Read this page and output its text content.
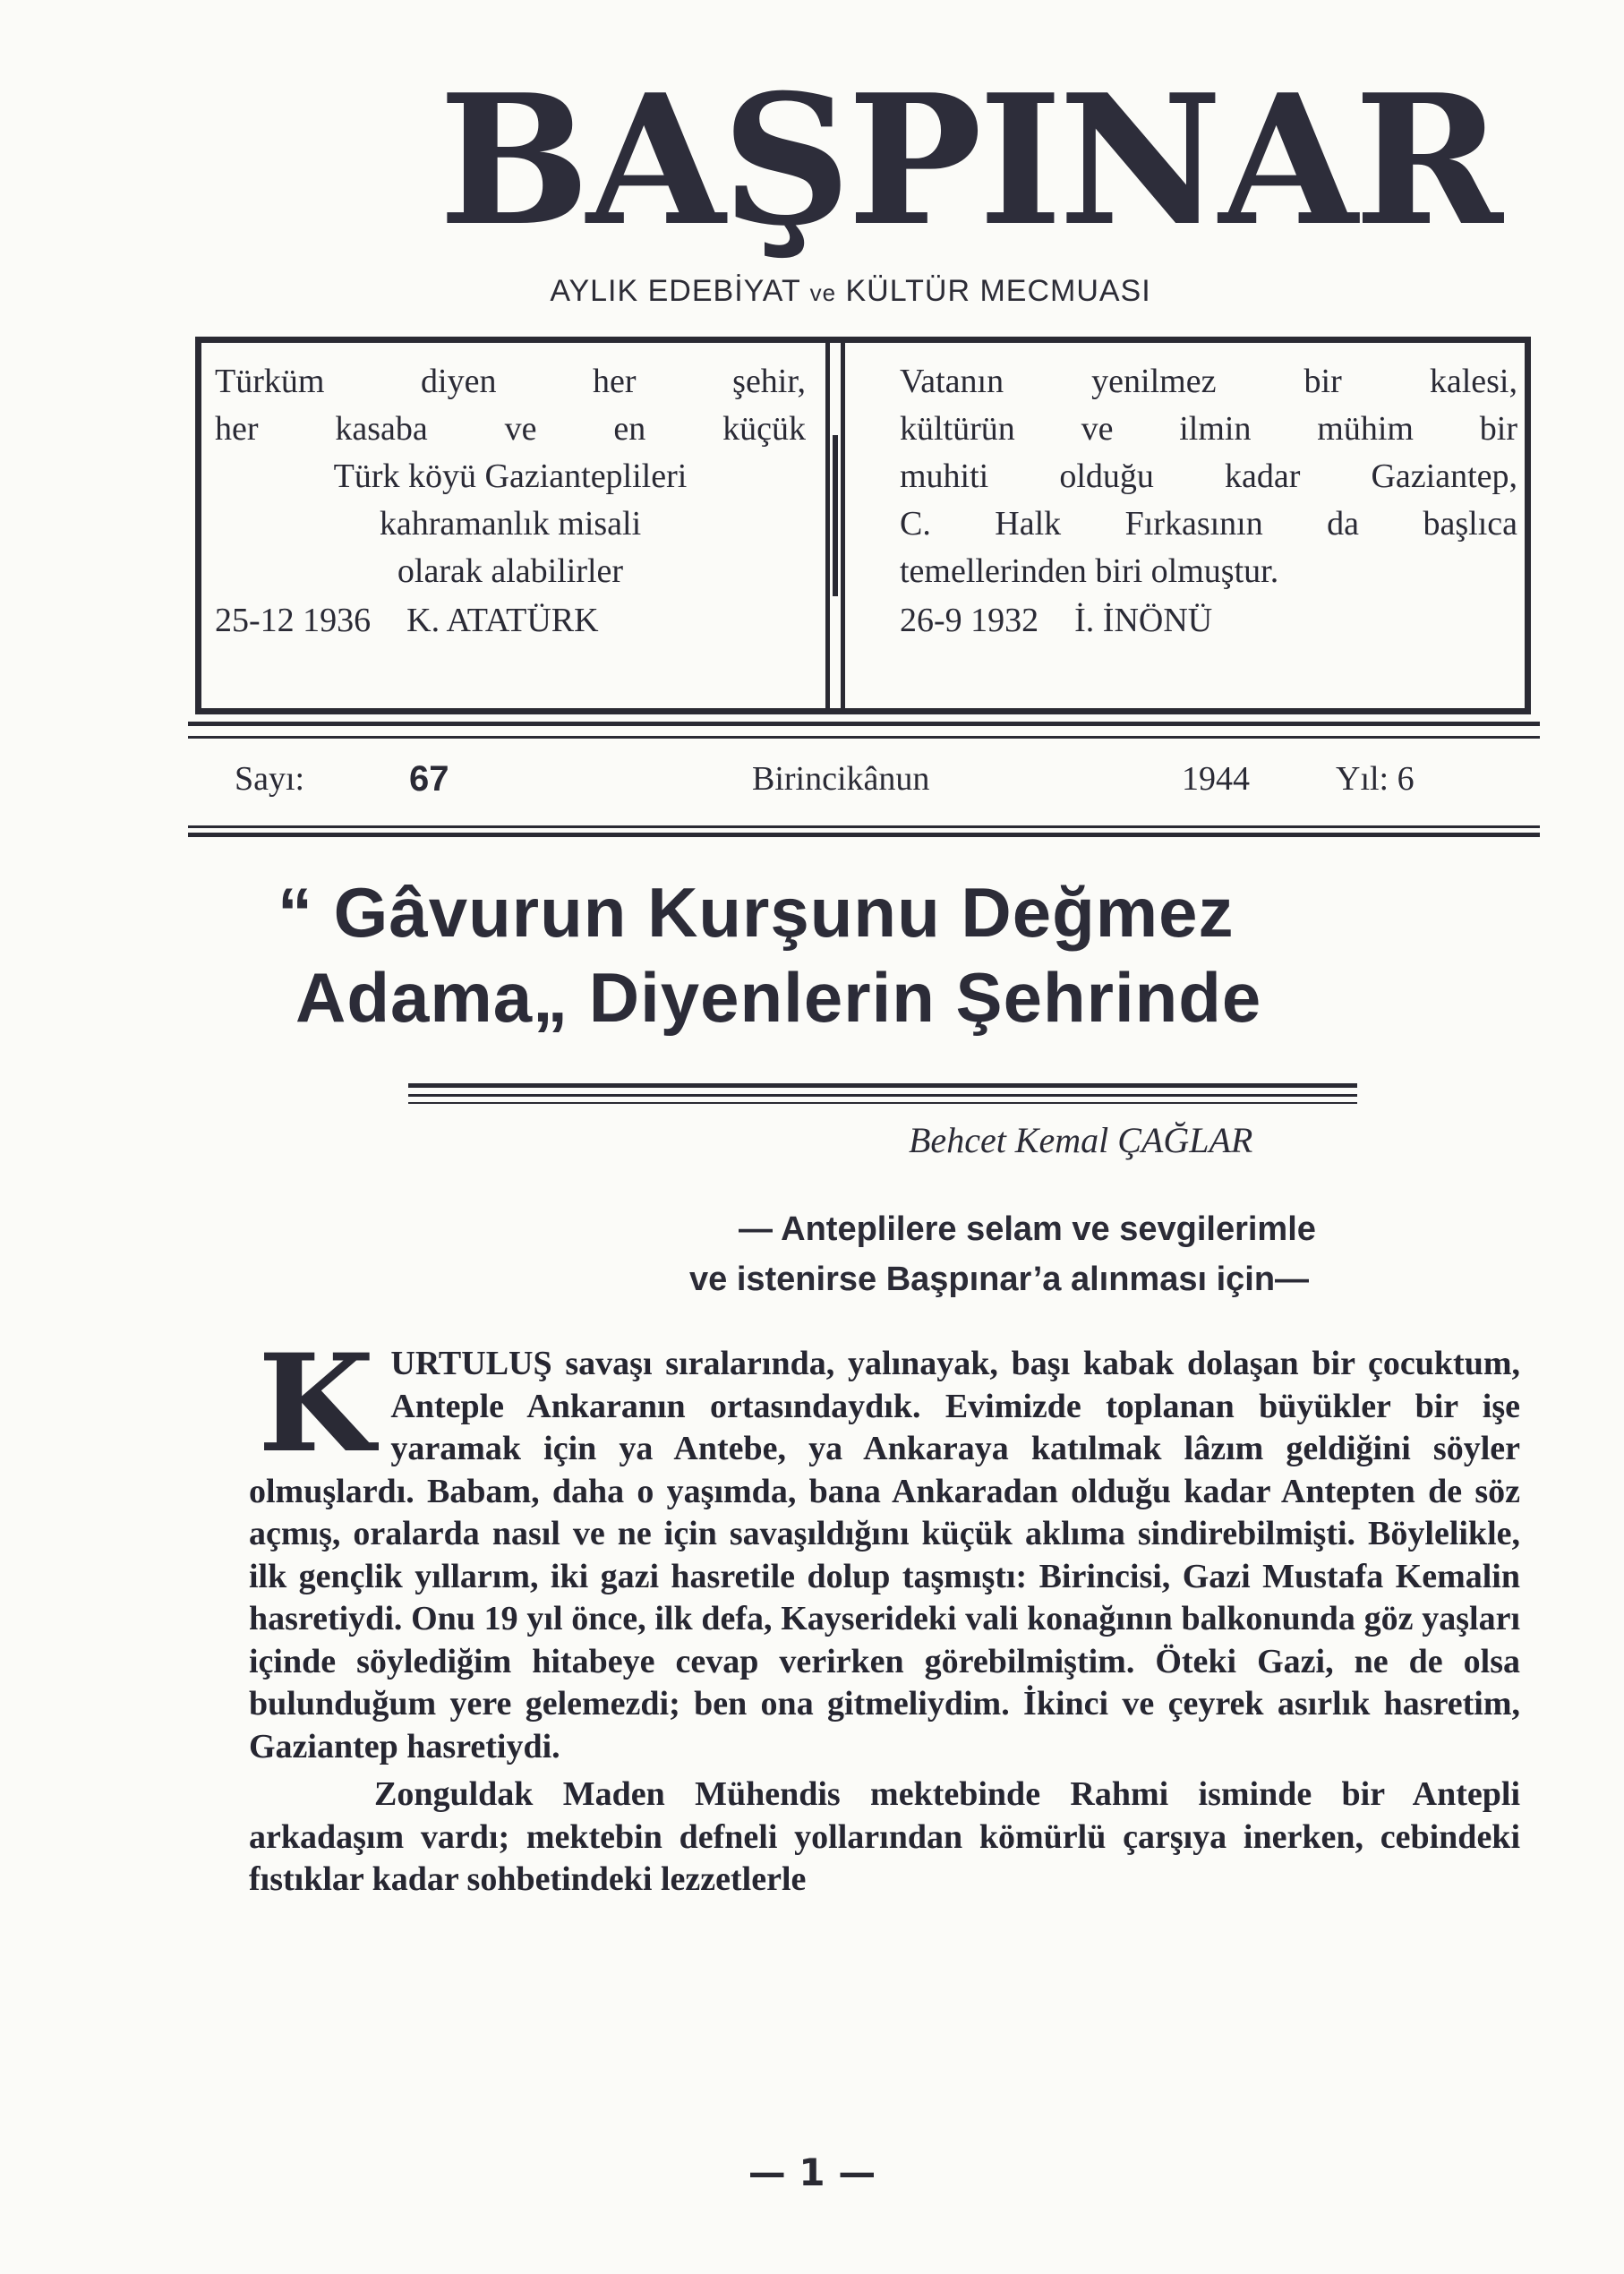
BAŞPINAR
AYLIK EDEBİYAT ve KÜLTÜR MECMUASI
Türküm diyen her şehir,
her kasaba ve en küçük
Türk köyü Gazianteplileri
kahramanlık misali
olarak alabilirler
25-12 1936 K. ATATÜRK
Vatanın yenilmez bir kalesi,
kültürün ve ilmin mühim bir
muhiti olduğu kadar Gaziantep,
C. Halk Fırkasının da başlıca
temellerinden biri olmuştur.
26-9 1932 İ. İNÖNÜ
Sayı:	67	Birincikânun	1944	Yıl: 6
“ Gâvurun Kurşunu Değmez
Adama„ Diyenlerin Şehrinde
Behcet Kemal ÇAĞLAR
— Anteplilere selam ve sevgilerimle
ve istenirse Başpınar’a alınması için—

KURTULUŞ savaşı sıralarında, yalınayak, başı kabak dolaşan bir çocuktum, Anteple Ankaranın ortasındaydık. Evimizde toplanan büyükler bir işe yaramak için ya Antebe, ya Ankaraya katılmak lâzım geldiğini söyler olmuşlardı. Babam, daha o yaşımda, bana Ankaradan olduğu kadar Antepten de söz açmış, oralarda nasıl ve ne için savaşıldığını küçük aklıma sindirebilmişti. Böylelikle, ilk gençlik yıllarım, iki gazi hasretile dolup taşmıştı: Birincisi, Gazi Mustafa Kemalin hasretiydi. Onu 19 yıl önce, ilk defa, Kayserideki vali konağının balkonunda göz yaşları içinde söylediğim hitabeye cevap verirken görebilmiştim. Öteki Gazi, ne de olsa bulunduğum yere gelemezdi; ben ona gitmeliydim. İkinci ve çeyrek asırlık hasretim, Gaziantep hasretiydi.

Zonguldak Maden Mühendis mektebinde Rahmi isminde bir Antepli arkadaşım vardı; mektebin defneli yollarından kömürlü çarşıya inerken, cebindeki fıstıklar kadar sohbetindeki lezzetlerle

— 1 —
